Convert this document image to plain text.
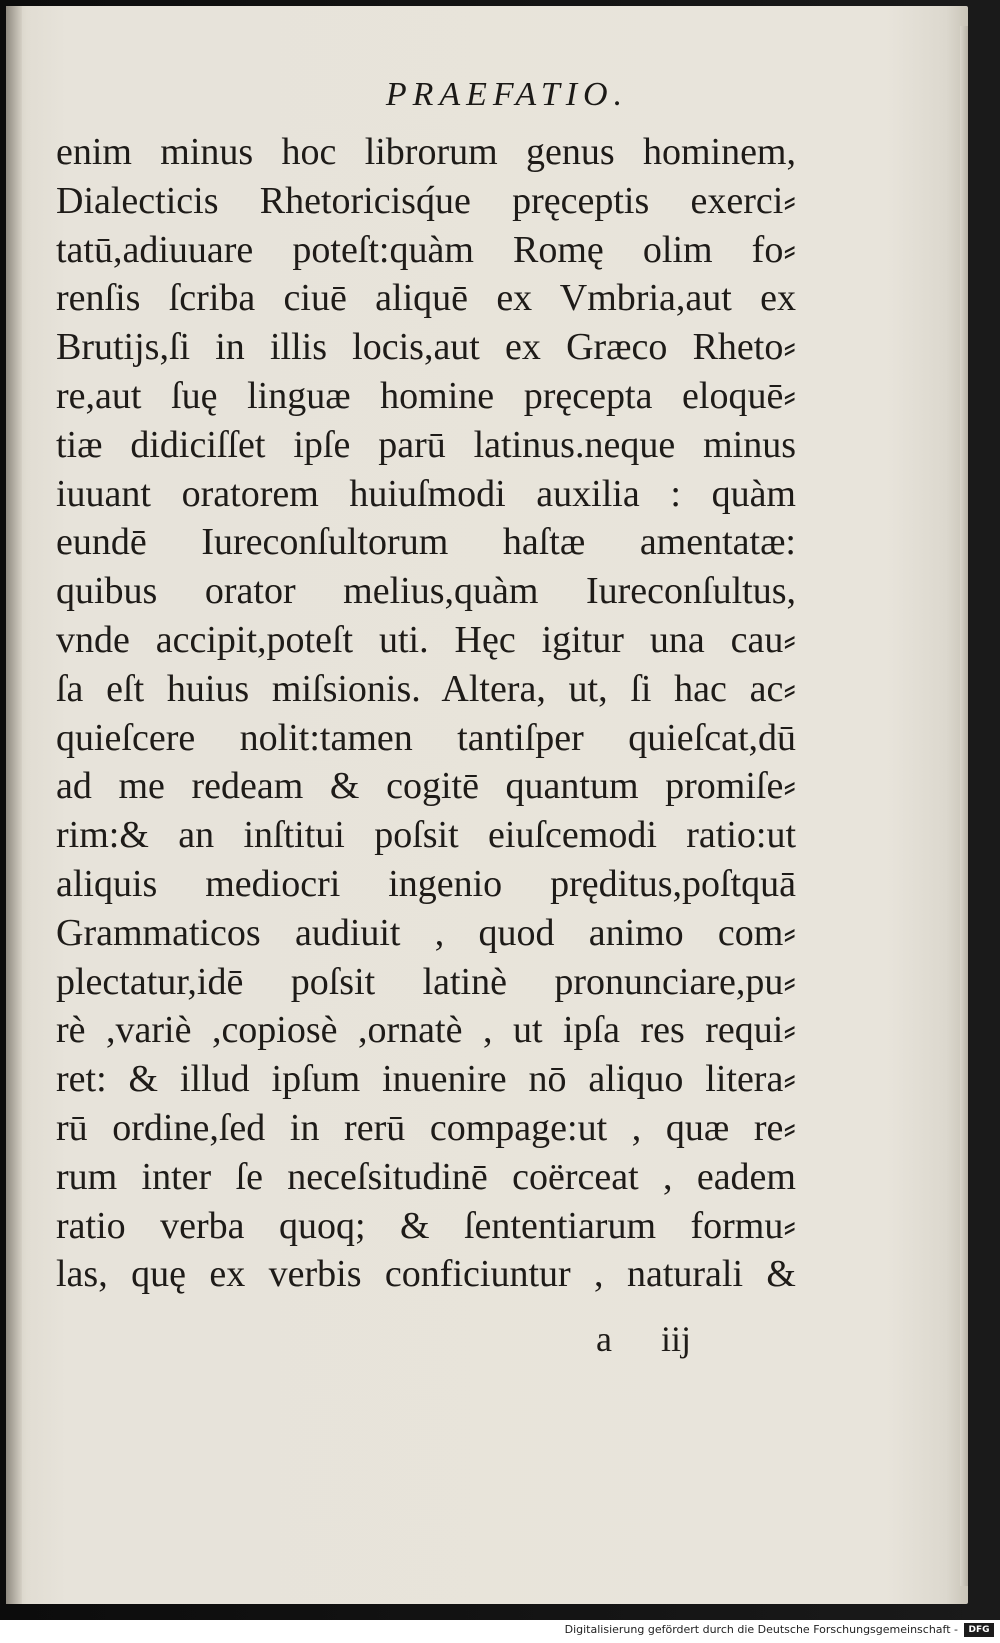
PRAEFATIO.
enim minus hoc librorum genus hominem,
Dialecticis Rhetoricisq́ue pręceptis exerci⸗
tatū,adiuuare poteſt:quàm Romę olim fo⸗
renſis ſcriba ciuē aliquē ex Vmbria,aut ex
Brutijs,ſi in illis locis,aut ex Græco Rheto⸗
re,aut ſuę linguæ homine pręcepta eloquē⸗
tiæ didiciſſet ipſe parū latinus.neque minus
iuuant oratorem huiuſmodi auxilia : quàm
eundē Iureconſultorum haſtæ amentatæ:
quibus orator melius,quàm Iureconſultus,
vnde accipit,poteſt uti. Hęc igitur una cau⸗
ſa eſt huius miſsionis. Altera, ut, ſi hac ac⸗
quieſcere nolit:tamen tantiſper quieſcat,dū
ad me redeam & cogitē quantum promiſe⸗
rim:& an inſtitui poſsit eiuſcemodi ratio:ut
aliquis mediocri ingenio pręditus,poſtquā
Grammaticos audiuit , quod animo com⸗
plectatur,idē poſsit latinè pronunciare,pu⸗
rè ,variè ,copiosè ,ornatè , ut ipſa res requi⸗
ret: & illud ipſum inuenire nō aliquo litera⸗
rū ordine,ſed in rerū compage:ut , quæ re⸗
rum inter ſe neceſsitudinē coërceat , eadem
ratio verba quoq; & ſententiarum formu⸗
las, quę ex verbis conficiuntur , naturali &
a iij
Digitalisierung gefördert durch die Deutsche Forschungsgemeinschaft -	DFG
